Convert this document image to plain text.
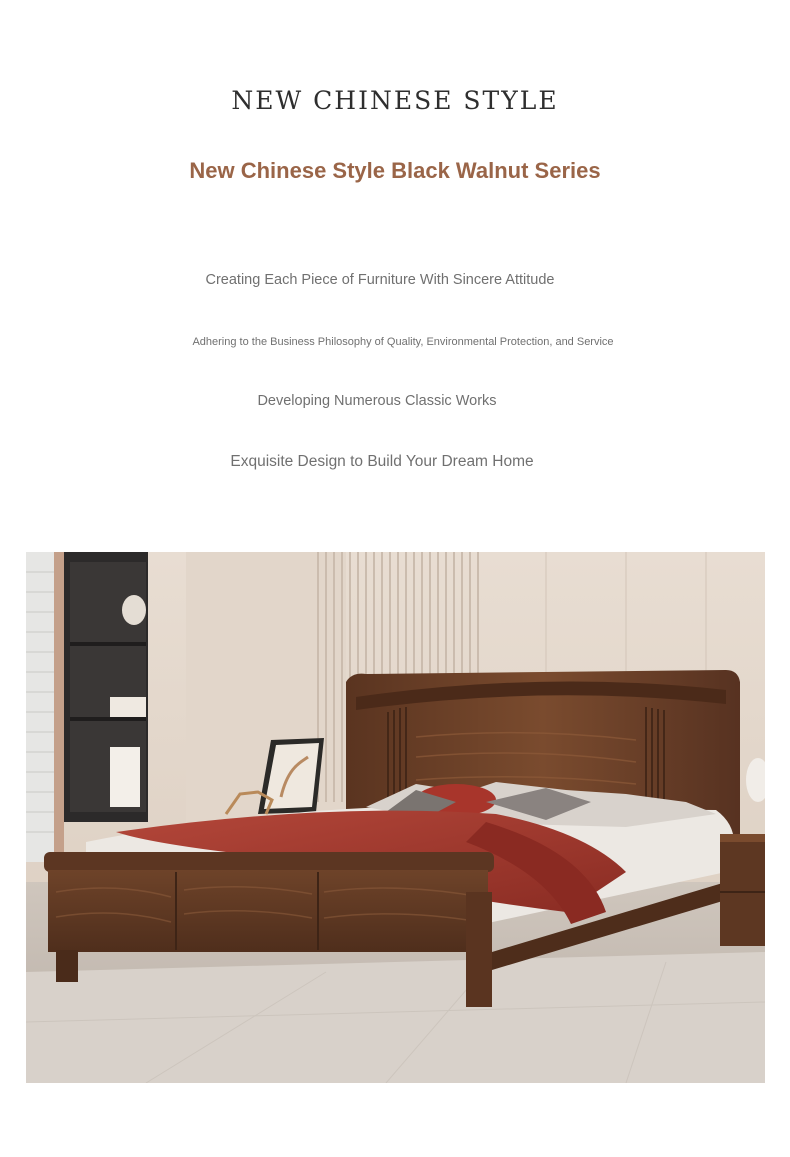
NEW CHINESE STYLE
New Chinese Style Black Walnut Series
Creating Each Piece of Furniture With Sincere Attitude
Adhering to the Business Philosophy of Quality, Environmental Protection, and Service
Developing Numerous Classic Works
Exquisite Design to Build Your Dream Home
